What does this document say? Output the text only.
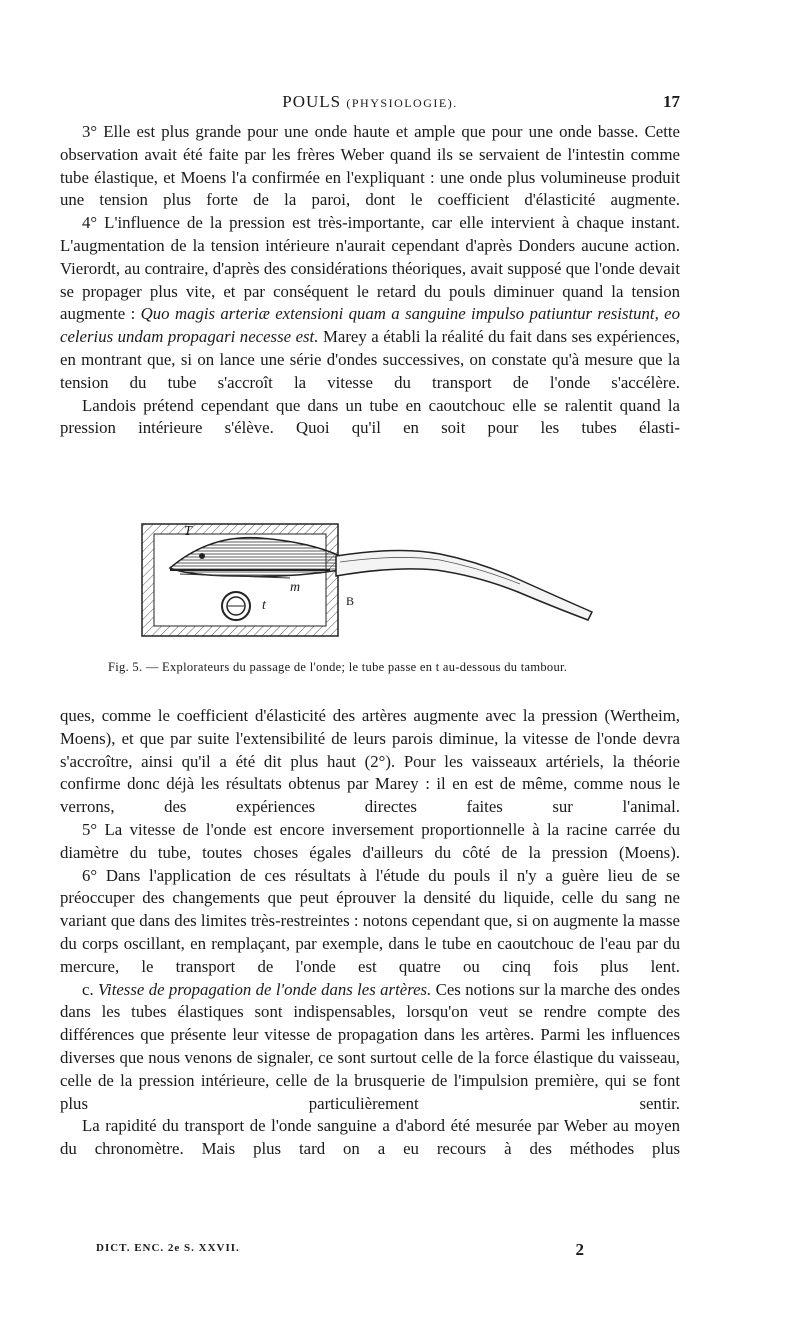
POULS (PHYSIOLOGIE).	17

3° Elle est plus grande pour une onde haute et ample que pour une onde basse. Cette observation avait été faite par les frères Weber quand ils se servaient de l'intestin comme tube élastique, et Moens l'a confirmée en l'expliquant : une onde plus volumineuse produit une tension plus forte de la paroi, dont le coefficient d'élasticité augmente.

4° L'influence de la pression est très-importante, car elle intervient à chaque instant. L'augmentation de la tension intérieure n'aurait cependant d'après Donders aucune action. Vierordt, au contraire, d'après des considérations théoriques, avait supposé que l'onde devait se propager plus vite, et par conséquent le retard du pouls diminuer quand la tension augmente : Quo magis arteriæ extensioni quam a sanguine impulso patiuntur resistunt, eo celerius undam propagari necesse est. Marey a établi la réalité du fait dans ses expériences, en montrant que, si on lance une série d'ondes successives, on constate qu'à mesure que la tension du tube s'accroît la vitesse du transport de l'onde s'accélère.

Landois prétend cependant que dans un tube en caoutchouc elle se ralentit quand la pression intérieure s'élève. Quoi qu'il en soit pour les tubes élasti-

T
m
t	B
Fig. 5. — Explorateurs du passage de l'onde; le tube passe en t au-dessous du tambour.

ques, comme le coefficient d'élasticité des artères augmente avec la pression (Wertheim, Moens), et que par suite l'extensibilité de leurs parois diminue, la vitesse de l'onde devra s'accroître, ainsi qu'il a été dit plus haut (2°). Pour les vaisseaux artériels, la théorie confirme donc déjà les résultats obtenus par Marey : il en est de même, comme nous le verrons, des expériences directes faites sur l'animal.

5° La vitesse de l'onde est encore inversement proportionnelle à la racine carrée du diamètre du tube, toutes choses égales d'ailleurs du côté de la pression (Moens).

6° Dans l'application de ces résultats à l'étude du pouls il n'y a guère lieu de se préoccuper des changements que peut éprouver la densité du liquide, celle du sang ne variant que dans des limites très-restreintes : notons cependant que, si on augmente la masse du corps oscillant, en remplaçant, par exemple, dans le tube en caoutchouc de l'eau par du mercure, le transport de l'onde est quatre ou cinq fois plus lent.

c. Vitesse de propagation de l'onde dans les artères. Ces notions sur la marche des ondes dans les tubes élastiques sont indispensables, lorsqu'on veut se rendre compte des différences que présente leur vitesse de propagation dans les artères. Parmi les influences diverses que nous venons de signaler, ce sont surtout celle de la force élastique du vaisseau, celle de la pression intérieure, celle de la brusquerie de l'impulsion première, qui se font plus particulièrement sentir.

La rapidité du transport de l'onde sanguine a d'abord été mesurée par Weber au moyen du chronomètre. Mais plus tard on a eu recours à des méthodes plus

DICT. ENC. 2e S. XXVII.	2
